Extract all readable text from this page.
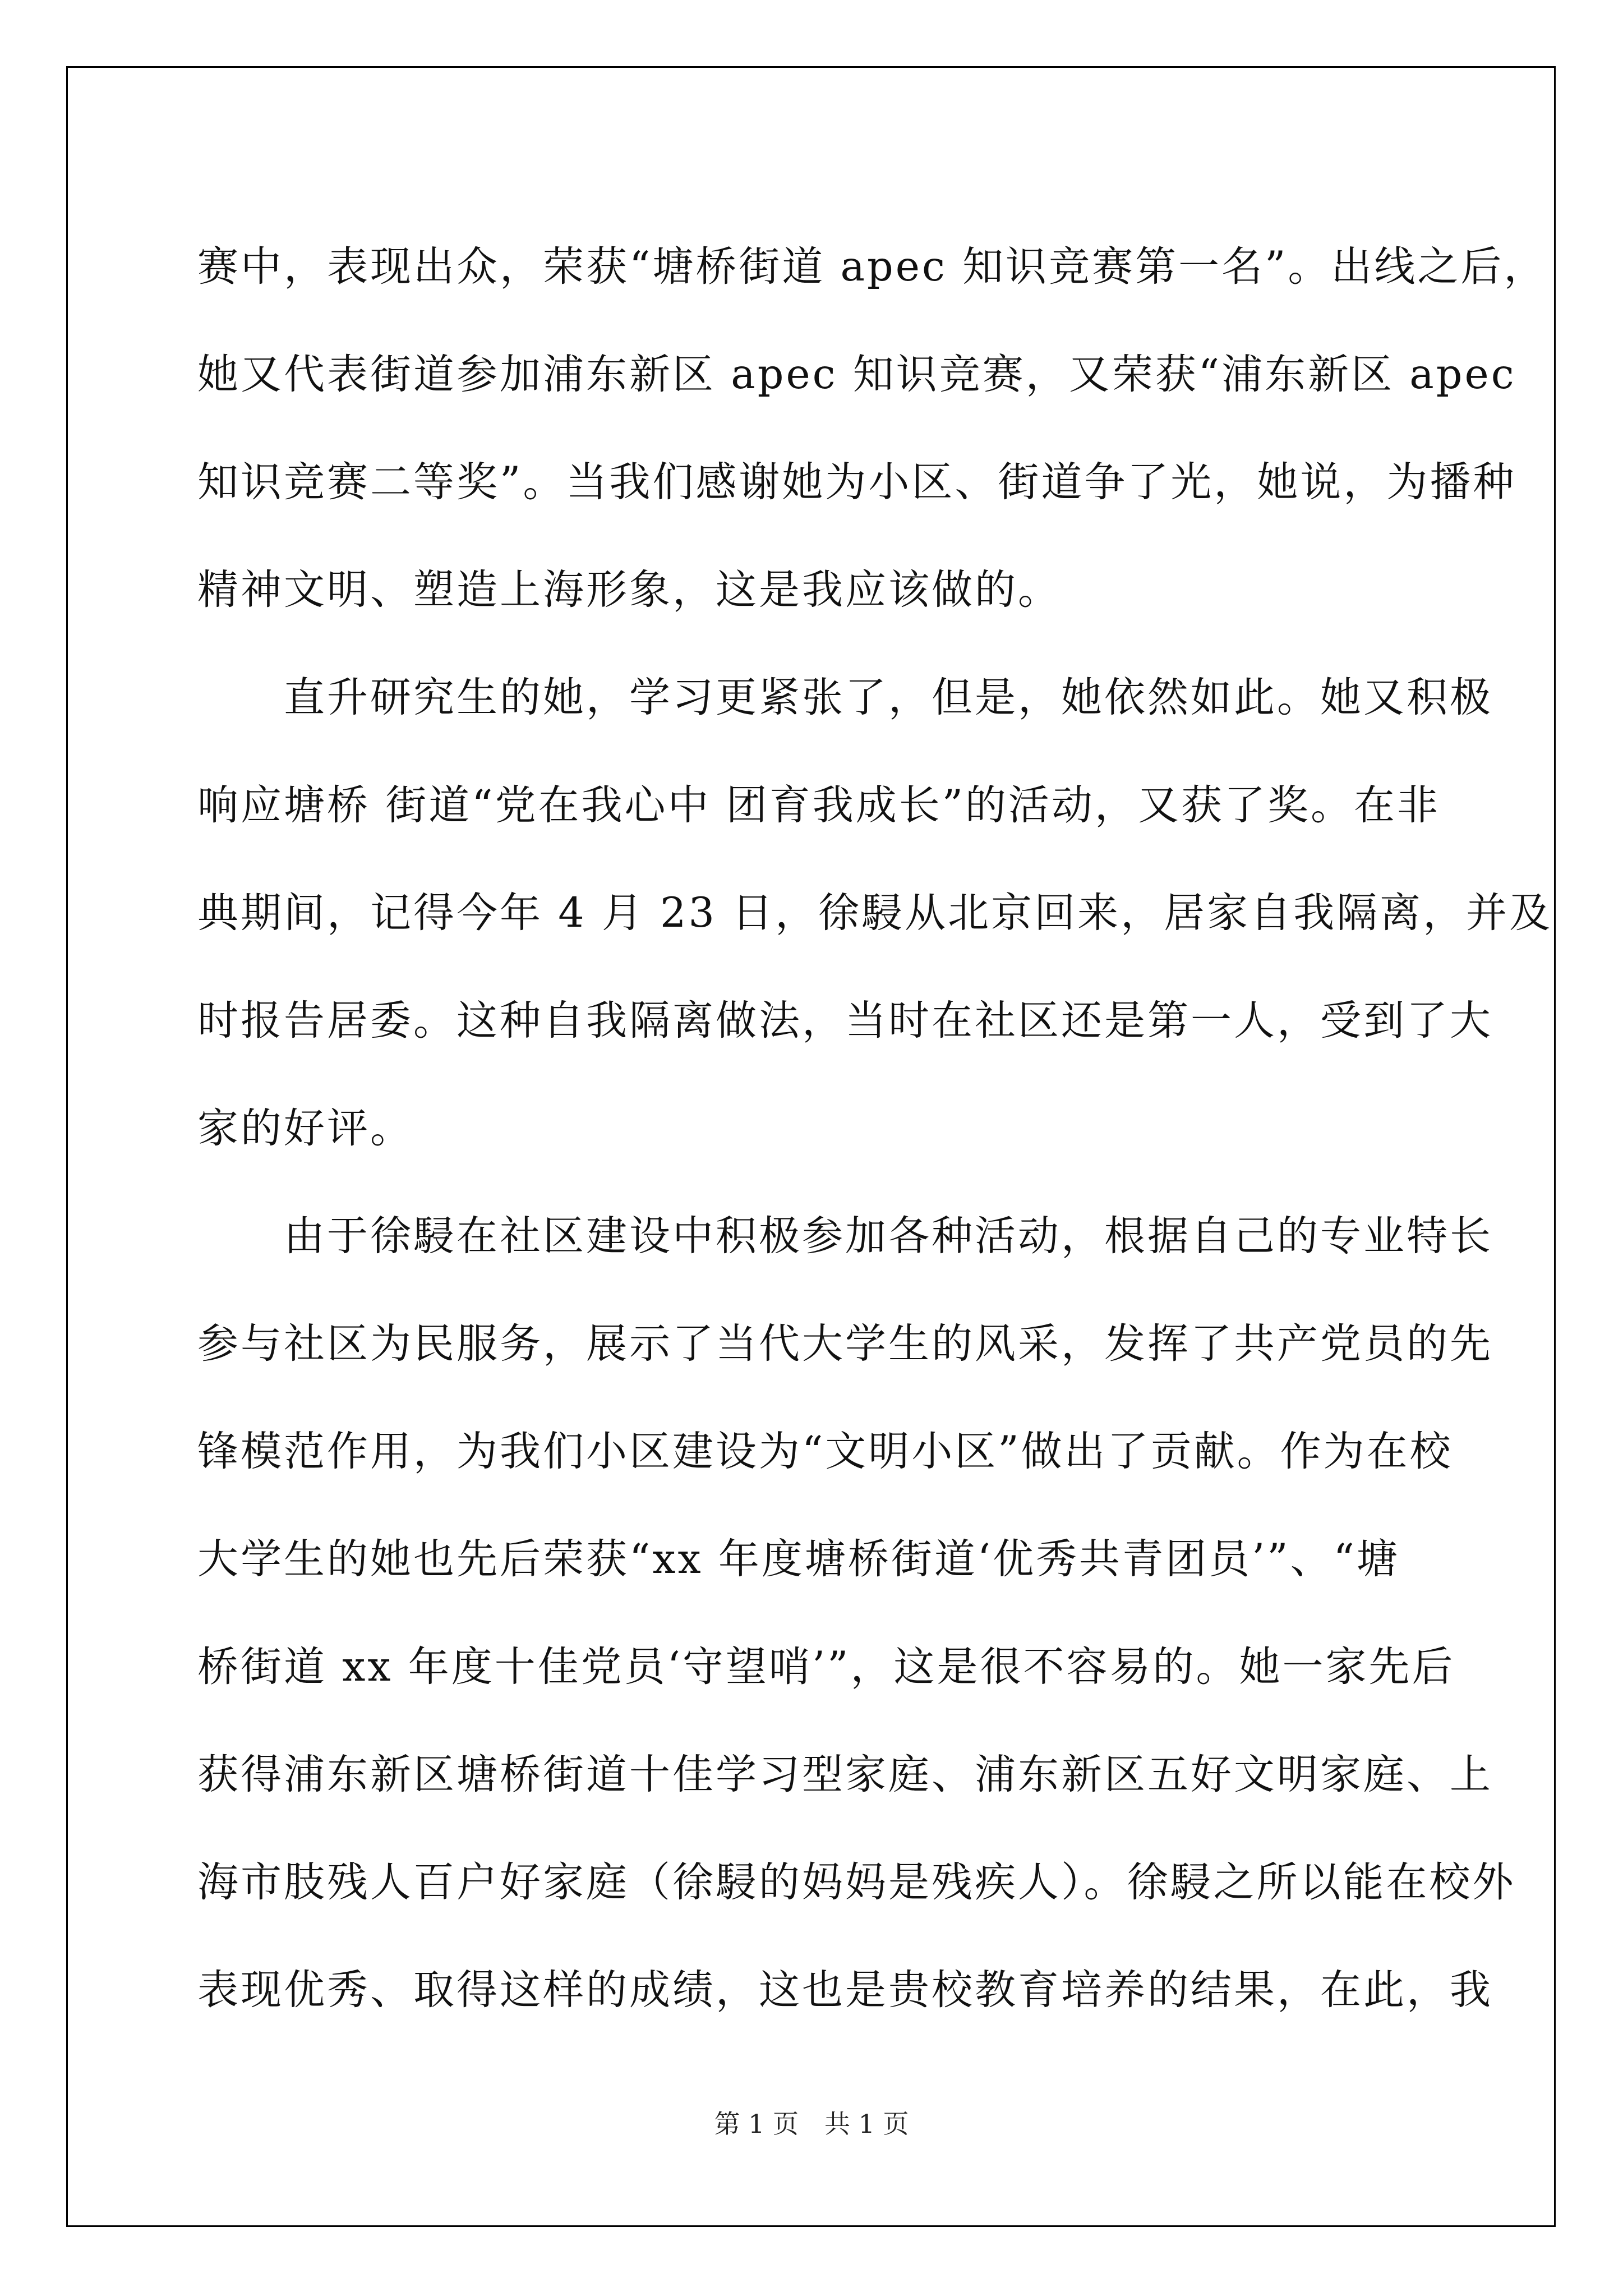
赛中，表现出众，荣获“塘桥街道 apec 知识竞赛第一名”。出线之后，
她又代表街道参加浦东新区 apec 知识竞赛，又荣获“浦东新区 apec
知识竞赛二等奖”。当我们感谢她为小区、街道争了光，她说，为播种
精神文明、塑造上海形象，这是我应该做的。
　　直升研究生的她，学习更紧张了，但是，她依然如此。她又积极
响应塘桥 街道“党在我心中 团育我成长”的活动，又获了奖。在非
典期间，记得今年 4 月 23 日，徐駸从北京回来，居家自我隔离，并及
时报告居委。这种自我隔离做法，当时在社区还是第一人，受到了大
家的好评。
　　由于徐駸在社区建设中积极参加各种活动，根据自己的专业特长
参与社区为民服务，展示了当代大学生的风采，发挥了共产党员的先
锋模范作用，为我们小区建设为“文明小区”做出了贡献。作为在校
大学生的她也先后荣获“xx 年度塘桥街道‘优秀共青团员’”、“塘
桥街道 xx 年度十佳党员‘守望哨’”，这是很不容易的。她一家先后
获得浦东新区塘桥街道十佳学习型家庭、浦东新区五好文明家庭、上
海市肢残人百户好家庭（徐駸的妈妈是残疾人）。徐駸之所以能在校外
表现优秀、取得这样的成绩，这也是贵校教育培养的结果，在此，我
第 1 页　共 1 页
